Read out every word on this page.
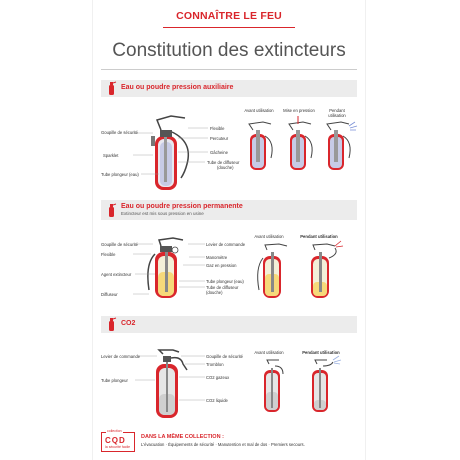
CONNAÎTRE LE FEU
Constitution des extincteurs
Eau ou poudre pression auxiliaire
Goupille de sécurité
Sparklet
Tube plongeur (eau)
Flexible
Percuteur
Gâcheine
Tube de diffuseur
(douche)
Avant utilisation	Mise en pression	Pendant utilisation
Eau ou poudre pression permanente
Extincteur est mis sous pression en usine
Goupille de sécurité
Flexible
Agent extincteur
Diffuseur
Levier de commande
Manomètre
Gaz en pression
Tube plongeur (eau)
Tube de diffuseur (douche)
Avant utilisation	Pendant utilisation
CO2
Levier de commande
Tube plongeur
Goupille de sécurité
Tromblon
CO2 gazeux
CO2 liquide
Avant utilisation	Pendant utilisation
collection
CQD
la sécurité facile
DANS LA MÊME COLLECTION :
L'évacuation · Équipements de sécurité · Manutention et mal de dos · Premiers secours.
